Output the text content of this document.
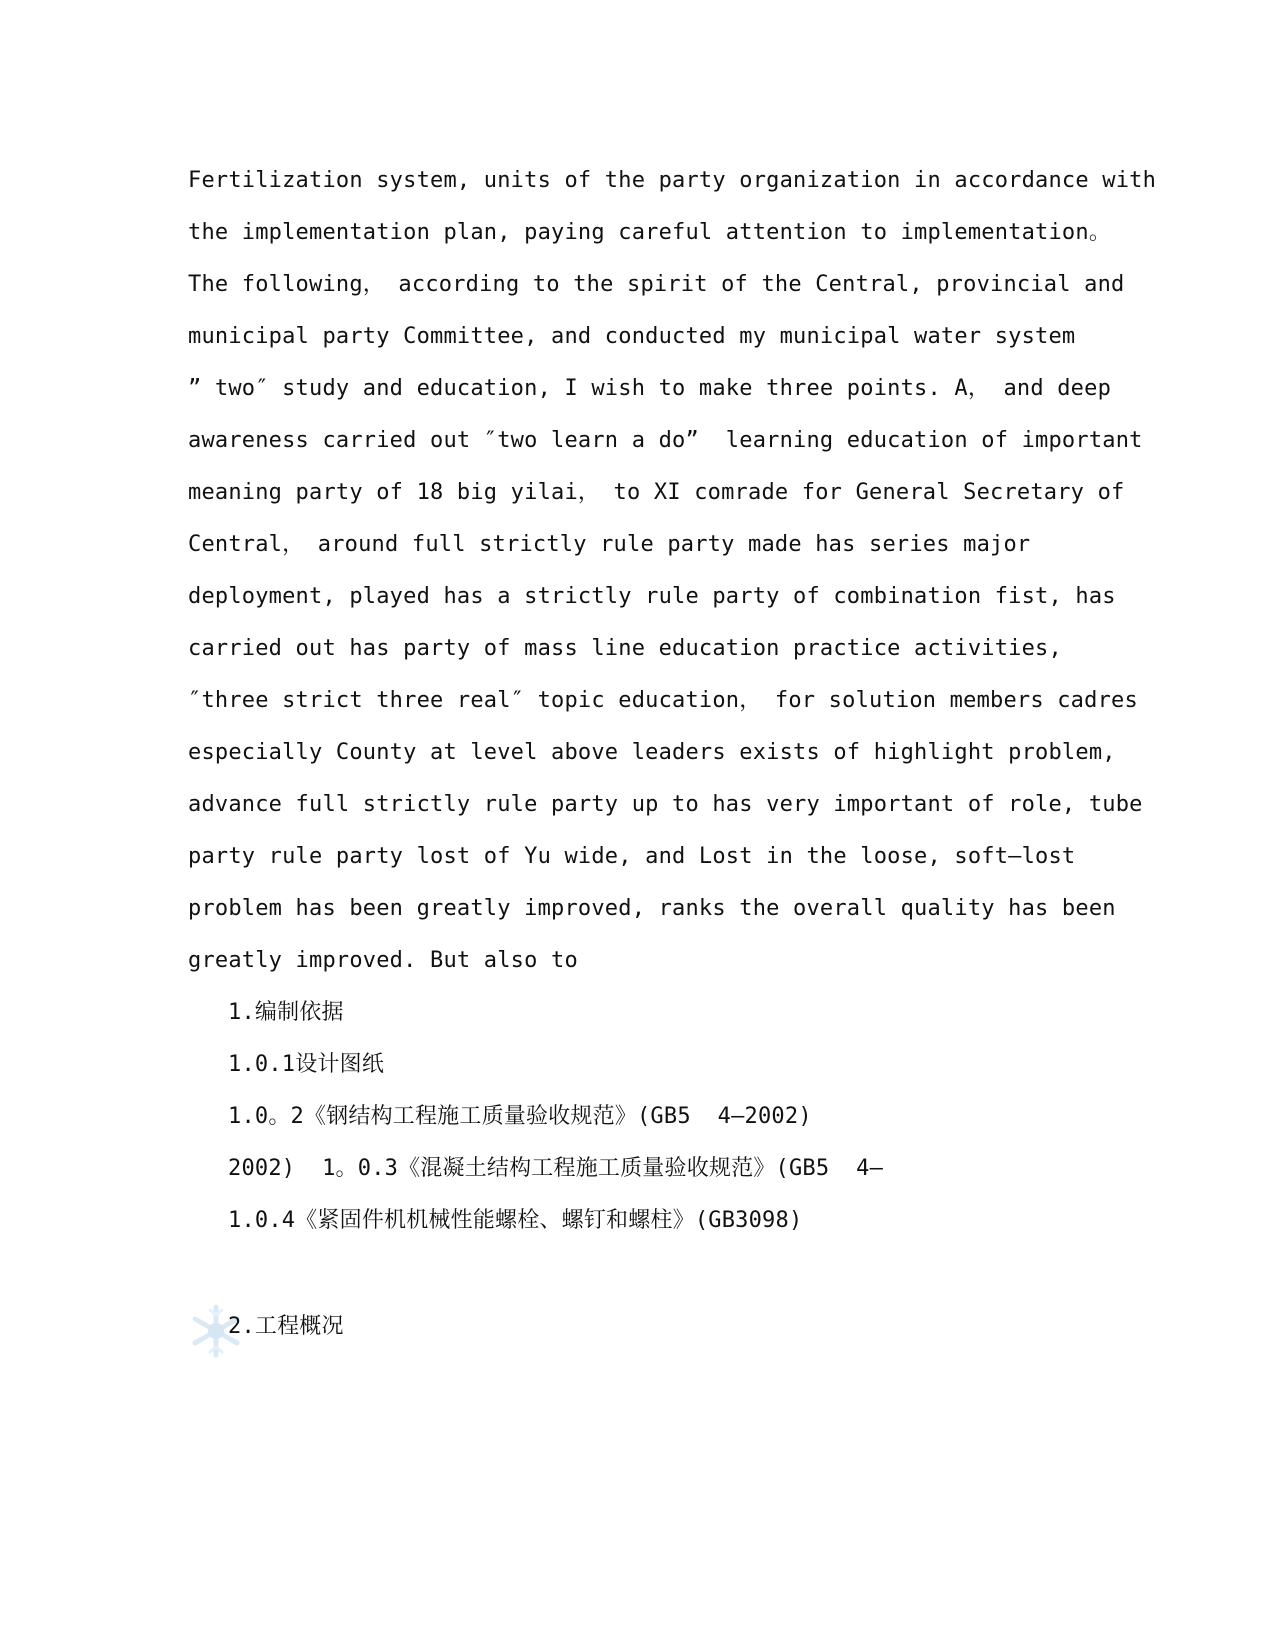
Fertilization system, units of the party organization in accordance with
the implementation plan, paying careful attention to implementation。
The following， according to the spirit of the Central, provincial and
municipal party Committee, and conducted my municipal water system
” two″ study and education, I wish to make three points. A， and deep
awareness carried out ″two learn a do”  learning education of important
meaning party of 18 big yilai， to XI comrade for General Secretary of
Central， around full strictly rule party made has series major
deployment, played has a strictly rule party of combination fist, has
carried out has party of mass line education practice activities,
″three strict three real″ topic education， for solution members cadres
especially County at level above leaders exists of highlight problem,
advance full strictly rule party up to has very important of role, tube
party rule party lost of Yu wide, and Lost in the loose, soft—lost
problem has been greatly improved, ranks the overall quality has been
greatly improved. But also to
1.编制依据
1.0.1设计图纸
1.0。2《钢结构工程施工质量验收规范》(GB5  4—2002)
2002)  1。0.3《混凝土结构工程施工质量验收规范》(GB5  4—
1.0.4《紧固件机机械性能螺栓、螺钉和螺柱》(GB3098)
2.工程概况
